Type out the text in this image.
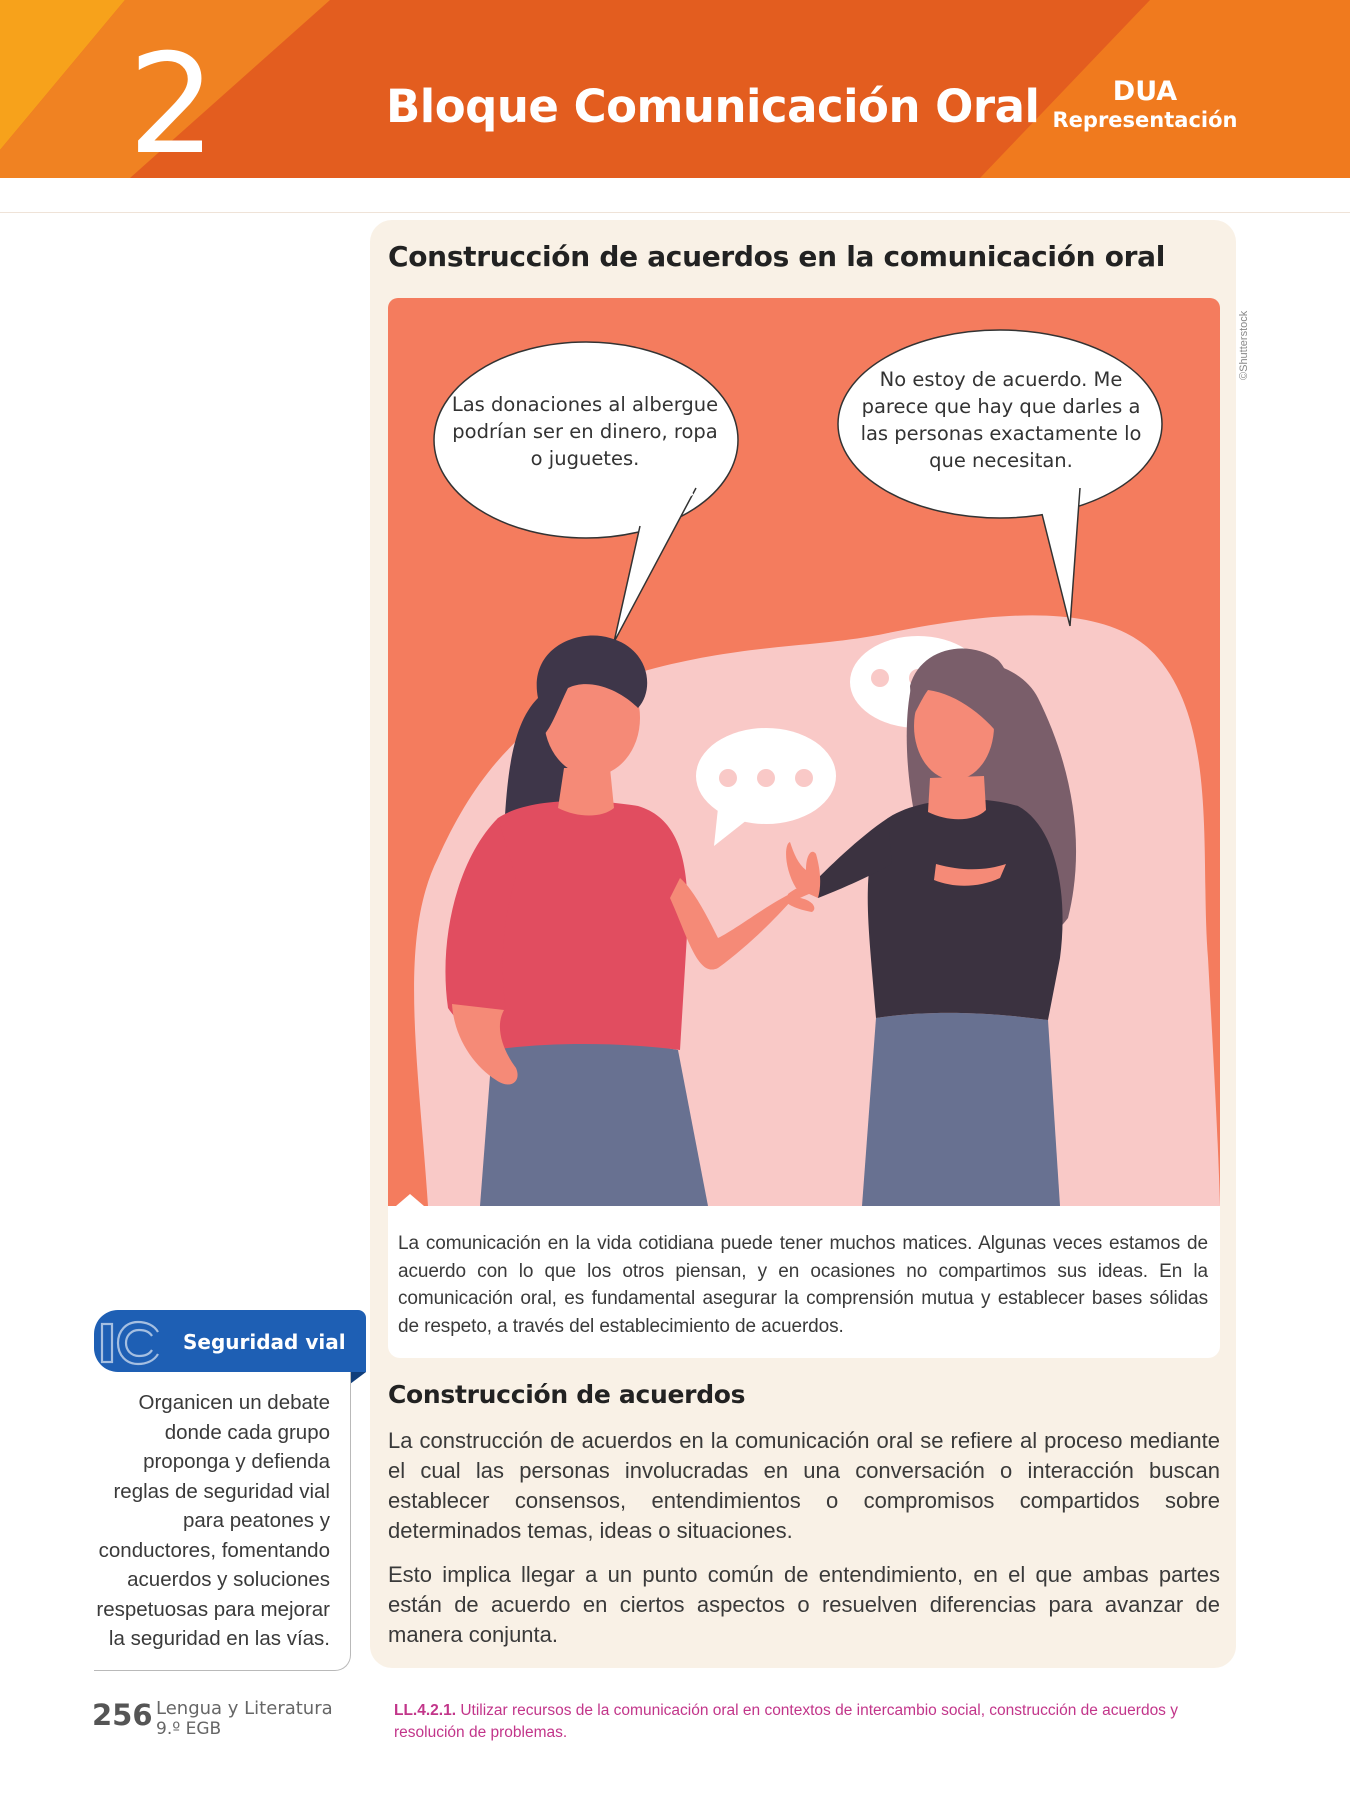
2	Bloque Comunicación Oral	DUA
Representación
Construcción de acuerdos en la comunicación oral
Las donaciones al albergue podrían ser en dinero, ropa o juguetes.
No estoy de acuerdo. Me parece que hay que darles a las personas exactamente lo que necesitan.
©Shutterstock
La comunicación en la vida cotidiana puede tener muchos matices. Algunas veces estamos de acuerdo con lo que los otros piensan, y en ocasiones no compartimos sus ideas. En la comunicación oral, es fundamental asegurar la comprensión mutua y establecer bases sólidas de respeto, a través del establecimiento de acuerdos.
Construcción de acuerdos
La construcción de acuerdos en la comunicación oral se refiere al proceso mediante el cual las personas involucradas en una conversación o interacción buscan establecer consensos, entendimientos o compromisos compartidos sobre determinados temas, ideas o situaciones.
Esto implica llegar a un punto común de entendimiento, en el que ambas partes están de acuerdo en ciertos aspectos o resuelven diferencias para avanzar de manera conjunta.
Seguridad vial
Organicen un debate donde cada grupo proponga y defienda reglas de seguridad vial para peatones y conductores, fomentando acuerdos y soluciones respetuosas para mejorar la seguridad en las vías.
256 Lengua y Literatura
9.º EGB
LL.4.2.1. Utilizar recursos de la comunicación oral en contextos de intercambio social, construcción de acuerdos y resolución de problemas.
